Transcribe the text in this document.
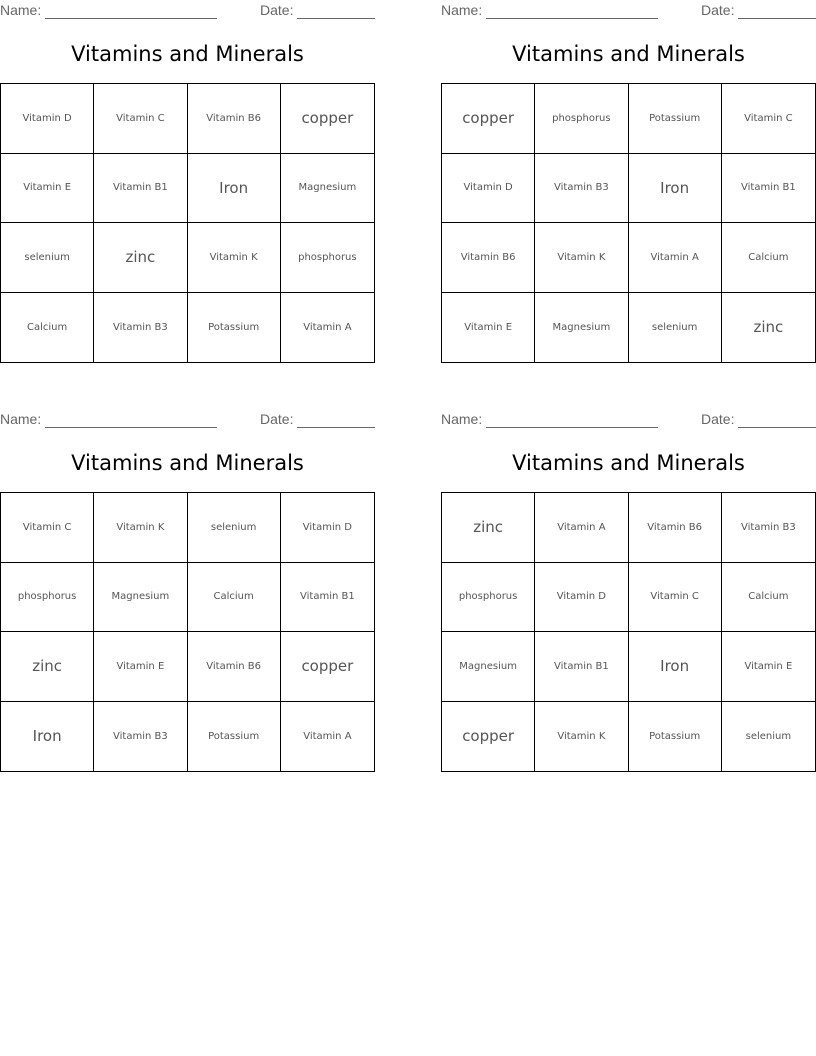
Name:	Date:
Vitamins and Minerals
Vitamin D	Vitamin C	Vitamin B6	copper
Vitamin E	Vitamin B1	Iron	Magnesium
selenium	zinc	Vitamin K	phosphorus
Calcium	Vitamin B3	Potassium	Vitamin A
Name:	Date:
Vitamins and Minerals
copper	phosphorus	Potassium	Vitamin C
Vitamin D	Vitamin B3	Iron	Vitamin B1
Vitamin B6	Vitamin K	Vitamin A	Calcium
Vitamin E	Magnesium	selenium	zinc
Name:	Date:
Vitamins and Minerals
Vitamin C	Vitamin K	selenium	Vitamin D
phosphorus	Magnesium	Calcium	Vitamin B1
zinc	Vitamin E	Vitamin B6	copper
Iron	Vitamin B3	Potassium	Vitamin A
Name:	Date:
Vitamins and Minerals
zinc	Vitamin A	Vitamin B6	Vitamin B3
phosphorus	Vitamin D	Vitamin C	Calcium
Magnesium	Vitamin B1	Iron	Vitamin E
copper	Vitamin K	Potassium	selenium
